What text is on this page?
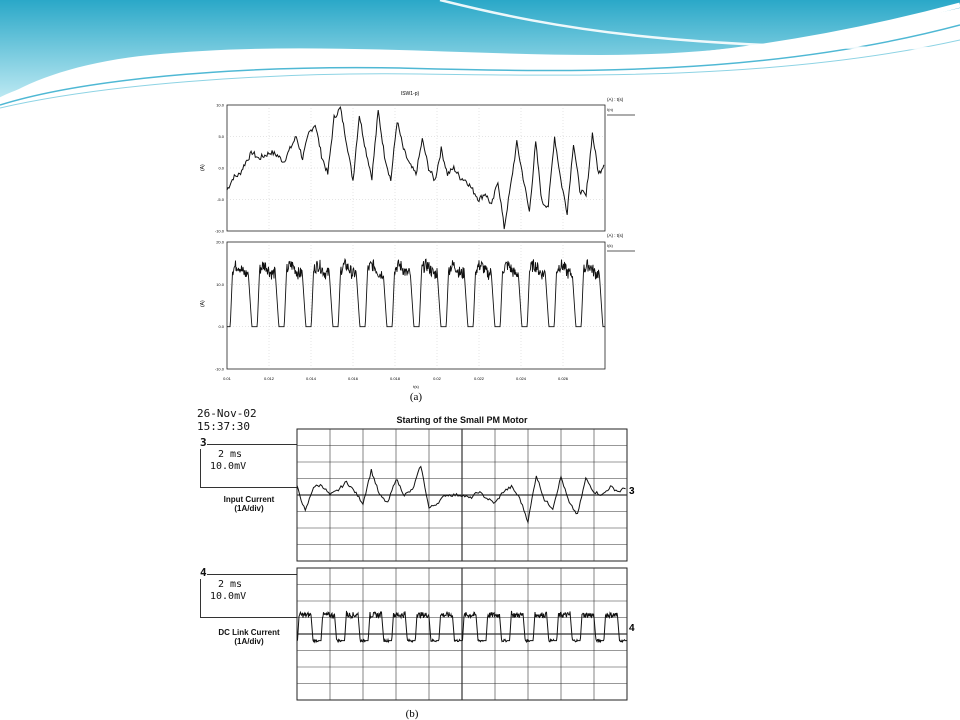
ISW1-p)
10.0
5.0
0.0
-5.0
-10.0
(A)
(A) : t(s)
I(n)
20.0
10.0
0.0
-10.0
(A)
(A) : t(s)
I(k)
0.01	0.012	0.014	0.016	0.018	0.02	0.022	0.024	0.026
t(s)
(a)
26-Nov-02
15:37:30	Starting of the Small PM Motor
3
2 ms
10.0mV
Input Current
(1A/div)
4
2 ms
10.0mV
DC Link Current
(1A/div)
3
4
(b)
